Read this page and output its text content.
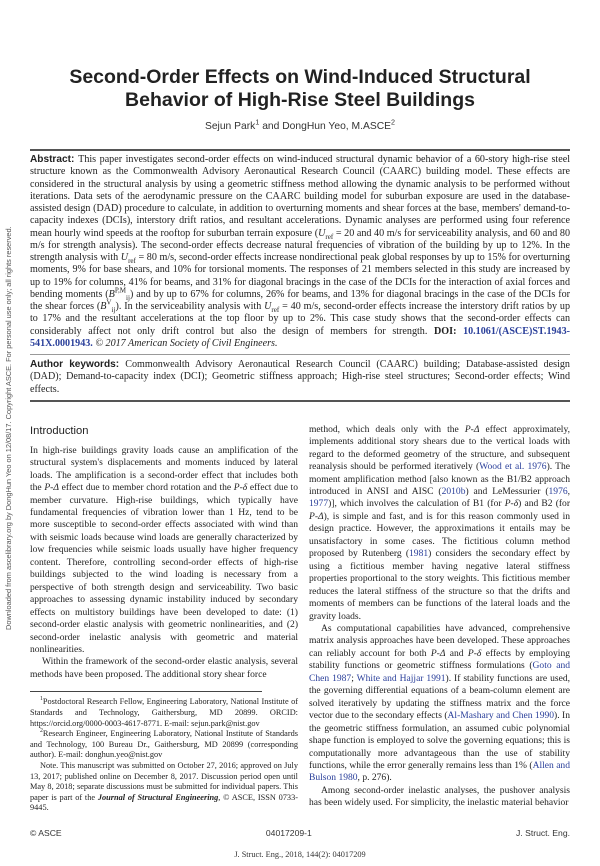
Downloaded from ascelibrary.org by DongHun Yeo on 12/08/17. Copyright ASCE. For personal use only; all rights reserved.
Second-Order Effects on Wind-Induced Structural
Behavior of High-Rise Steel Buildings
Sejun Park$^1$ and DongHun Yeo, M.ASCE$^2$
Abstract: This paper investigates second-order effects on wind-induced structural dynamic behavior of a 60-story high-rise steel structure known as the Commonwealth Advisory Aeronautical Research Council (CAARC) building model. These effects are considered in the structural analysis by using a geometric stiffness method allowing the dynamic analysis to be performed without iterations. Data sets of the aerodynamic pressure on the CAARC building model for suburban exposure are used in the database-assisted design (DAD) procedure to calculate, in addition to overturning moments and shear forces at the base, members' demand-to-capacity indexes (DCIs), interstory drift ratios, and resultant accelerations. Dynamic analyses are performed using four reference mean hourly wind speeds at the rooftop for suburban terrain exposure ($U_{ref} = 20$ and 40 m/s for serviceability analysis, and 60 and 80 m/s for strength analysis). The second-order effects decrease natural frequencies of vibration of the building by up to 12%. In the strength analysis with $U_{ref} = 80$ m/s, second-order effects increase nondirectional peak global responses by up to 15% for overturning moments, 9% for base shears, and 10% for torsional moments. The responses of 21 members selected in this study are increased by up to 19% for columns, 41% for beams, and 31% for diagonal bracings in the case of the DCIs for the interaction of axial forces and bending moments $(B^{P,M}_{ij})$ and by up to 67% for columns, 26% for beams, and 13% for diagonal bracings in the case of the DCIs for the shear forces $(B^V_{ij})$. In the serviceability analysis with $U_{ref} = 40$ m/s, second-order effects increase the interstory drift ratios by up to 17% and the resultant accelerations at the top floor by up to 2%. This case study shows that the second-order effects can considerably affect not only drift control but also the design of members for strength. DOI: 10.1061/(ASCE)ST.1943-541X.0001943. © 2017 American Society of Civil Engineers.
Author keywords: Commonwealth Advisory Aeronautical Research Council (CAARC) building; Database-assisted design (DAD); Demand-to-capacity index (DCI); Geometric stiffness approach; High-rise steel structures; Second-order effects; Wind effects.
Introduction

In high-rise buildings gravity loads cause an amplification of the structural system's displacements and moments induced by lateral loads. The amplification is a second-order effect that includes both the P-Δ effect due to member chord rotation and the P-δ effect due to member curvature. High-rise buildings, which typically have fundamental frequencies of vibration lower than 1 Hz, tend to be more susceptible to second-order effects associated with wind than with seismic loads because wind loads are generally characterized by low frequencies while seismic loads usually have higher frequency content. Therefore, controlling second-order effects of high-rise buildings subjected to the wind loading is necessary from a perspective of both strength design and serviceability. Two basic approaches to assessing dynamic instability induced by secondary effects on multistory buildings have been developed to date: (1) second-order elastic analysis with geometric nonlinearities, and (2) second-order inelastic analysis with geometric and material nonlinearities.

Within the framework of the second-order elastic analysis, several methods have been proposed. The additional story shear force

$^1$Postdoctoral Research Fellow, Engineering Laboratory, National Institute of Standards and Technology, Gaithersburg, MD 20899. ORCID: https://orcid.org/0000-0003-4617-8771. E-mail: sejun.park@nist.gov

$^2$Research Engineer, Engineering Laboratory, National Institute of Standards and Technology, 100 Bureau Dr., Gaithersburg, MD 20899 (corresponding author). E-mail: donghun.yeo@nist.gov

Note. This manuscript was submitted on October 27, 2016; approved on July 13, 2017; published online on December 8, 2017. Discussion period open until May 8, 2018; separate discussions must be submitted for individual papers. This paper is part of the Journal of Structural Engineering, © ASCE, ISSN 0733-9445.

method, which deals only with the P-Δ effect approximately, implements additional story shears due to the vertical loads with regard to the deformed geometry of the structure, and subsequent reanalysis should be performed iteratively (Wood et al. 1976). The moment amplification method [also known as the B1/B2 approach introduced in ANSI and AISC (2010b) and LeMessurier (1976, 1977)], which involves the calculation of B1 (for P-δ) and B2 (for P-Δ), is simple and fast, and is for this reason commonly used in design practice. However, the approximations it entails may be unsatisfactory in some cases. The fictitious column method proposed by Rutenberg (1981) considers the secondary effect by using a fictitious member having negative lateral stiffness properties proportional to the story weights. This fictitious member reduces the lateral stiffness of the structure so that the drifts and moments of members can be functions of the lateral loads and the gravity loads.

As computational capabilities have advanced, comprehensive matrix analysis approaches have been developed. These approaches can reliably account for both P-Δ and P-δ effects by employing stability functions or geometric stiffness formulations (Goto and Chen 1987; White and Hajjar 1991). If stability functions are used, the governing differential equations of a beam-column element are solved iteratively by updating the stiffness matrix and the force vector due to the secondary effects (Al-Mashary and Chen 1990). In the geometric stiffness formulation, an assumed cubic polynomial shape function is employed to solve the governing equations; this is computationally more advantageous than the use of stability functions, while the error generally remains less than 1% (Allen and Bulson 1980, p. 276).

Among second-order inelastic analyses, the pushover analysis has been widely used. For simplicity, the inelastic material behavior

© ASCE	04017209-1	J. Struct. Eng.
J. Struct. Eng., 2018, 144(2): 04017209
